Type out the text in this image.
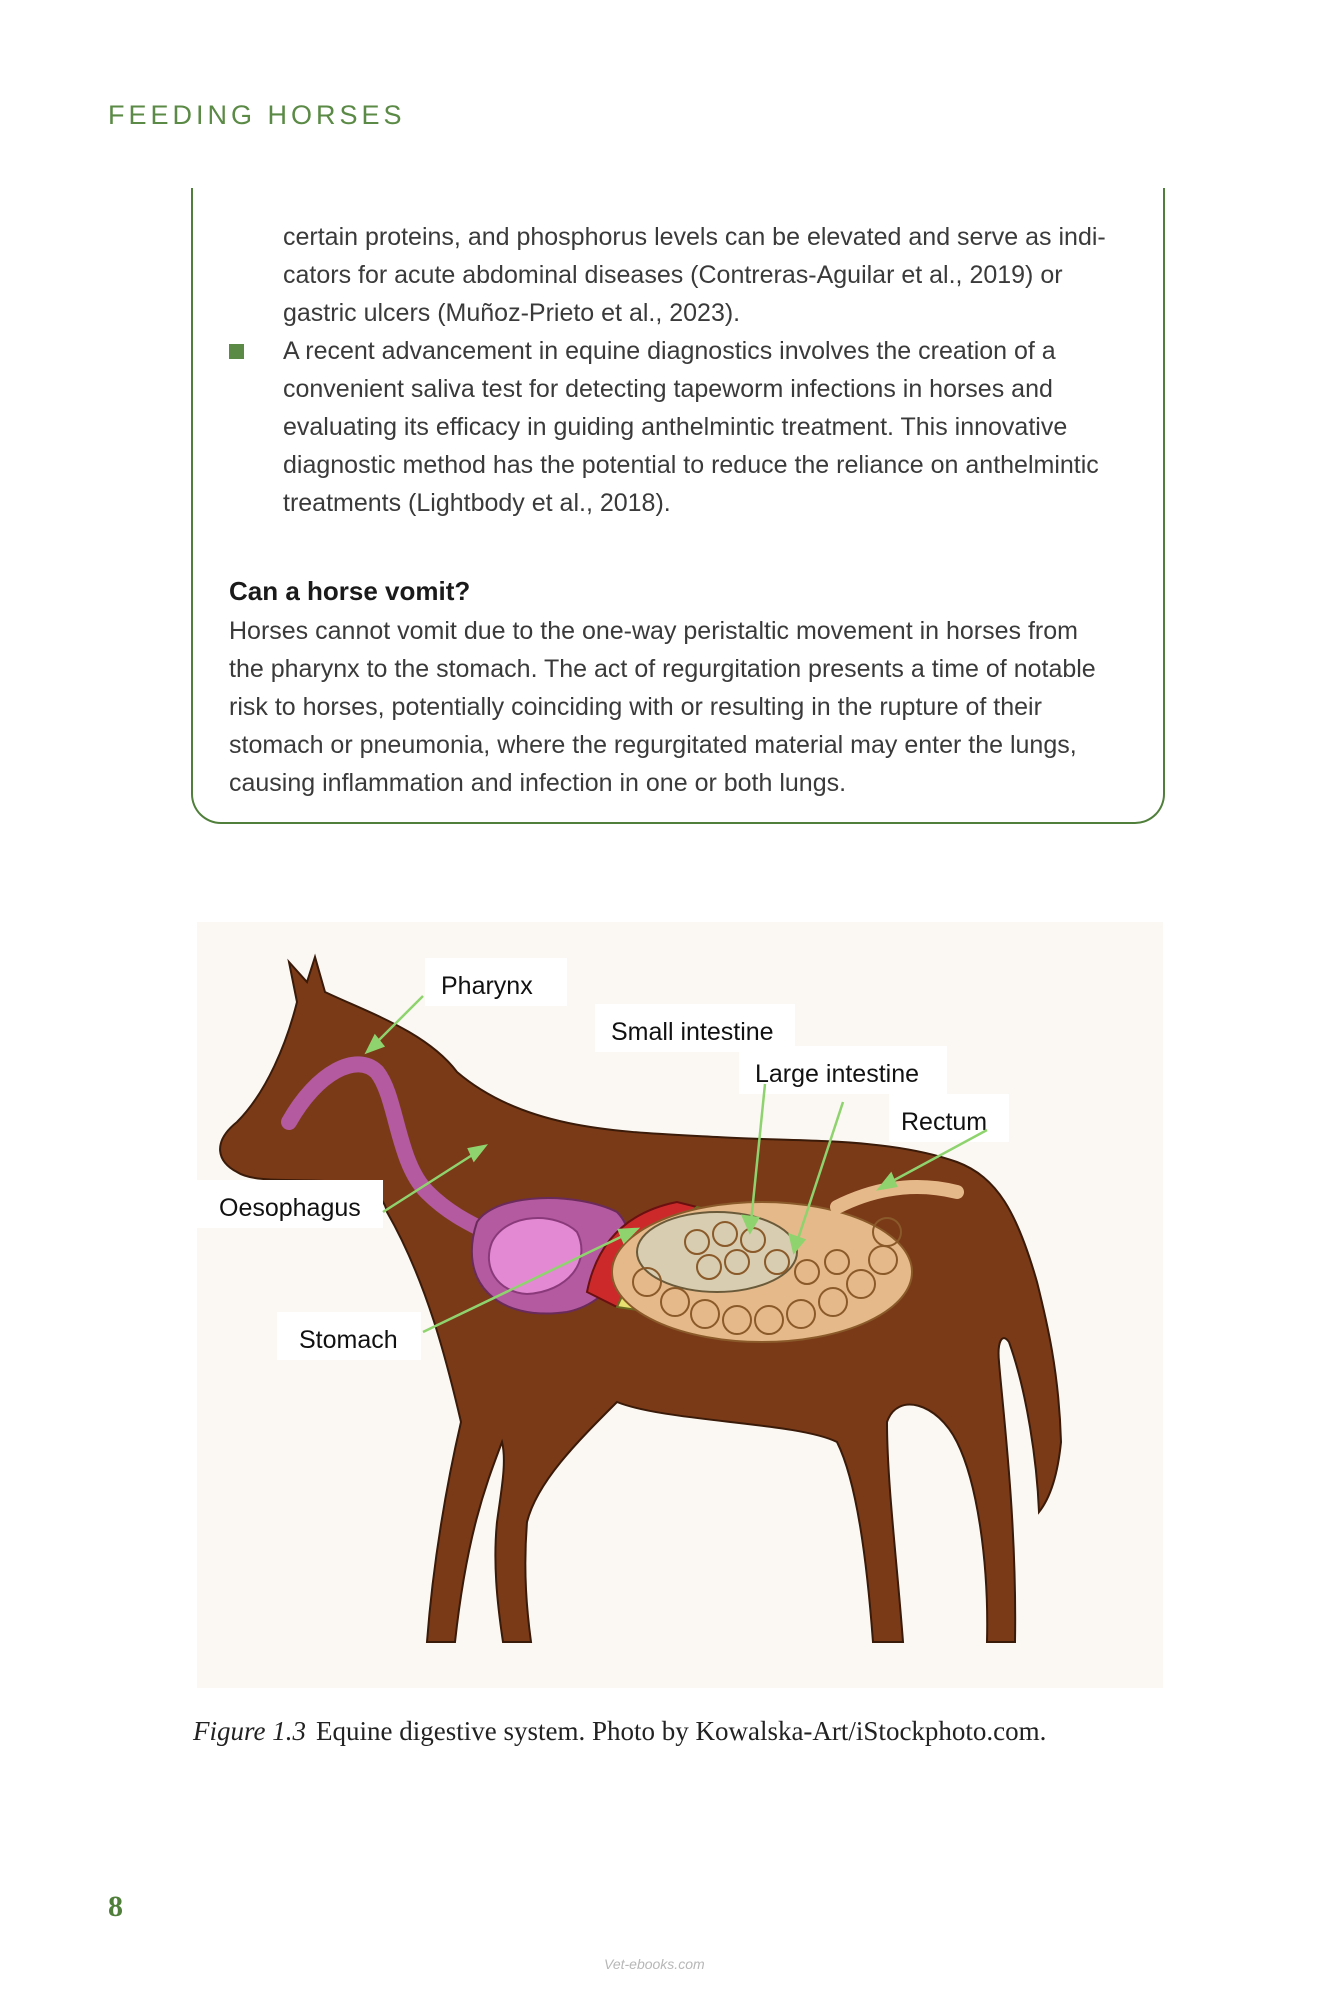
FEEDING HORSES
certain proteins, and phosphorus levels can be elevated and serve as indi-
cators for acute abdominal diseases (Contreras-Aguilar et al., 2019) or
gastric ulcers (Muñoz-Prieto et al., 2023).
A recent advancement in equine diagnostics involves the creation of a
convenient saliva test for detecting tapeworm infections in horses and
evaluating its efficacy in guiding anthelmintic treatment. This innovative
diagnostic method has the potential to reduce the reliance on anthelmintic
treatments (Lightbody et al., 2018).
Can a horse vomit?
Horses cannot vomit due to the one-way peristaltic movement in horses from
the pharynx to the stomach. The act of regurgitation presents a time of notable
risk to horses, potentially coinciding with or resulting in the rupture of their
stomach or pneumonia, where the regurgitated material may enter the lungs,
causing inflammation and infection in one or both lungs.
Pharynx
Small intestine
Large intestine
Rectum
Oesophagus
Stomach
Figure 1.3 Equine digestive system. Photo by Kowalska-Art/iStockphoto.com.
8
Vet-ebooks.com
